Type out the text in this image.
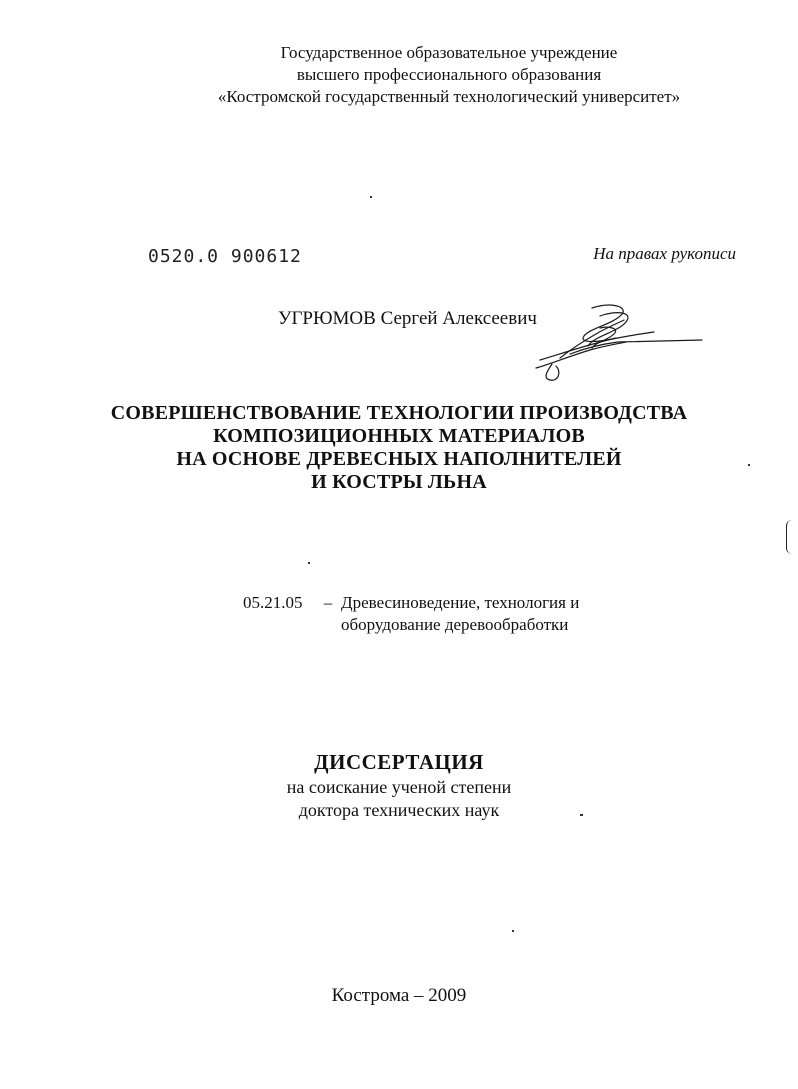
Государственное образовательное учреждение
высшего профессионального образования
«Костромской государственный технологический университет»
0520.0 900612	На правах рукописи
УГРЮМОВ Сергей Алексеевич
СОВЕРШЕНСТВОВАНИЕ ТЕХНОЛОГИИ ПРОИЗВОДСТВА
КОМПОЗИЦИОННЫХ МАТЕРИАЛОВ
НА ОСНОВЕ ДРЕВЕСНЫХ НАПОЛНИТЕЛЕЙ
И КОСТРЫ ЛЬНА
05.21.05 – Древесиноведение, технология и
оборудование деревообработки
ДИССЕРТАЦИЯ
на соискание ученой степени
доктора технических наук
Кострома – 2009
